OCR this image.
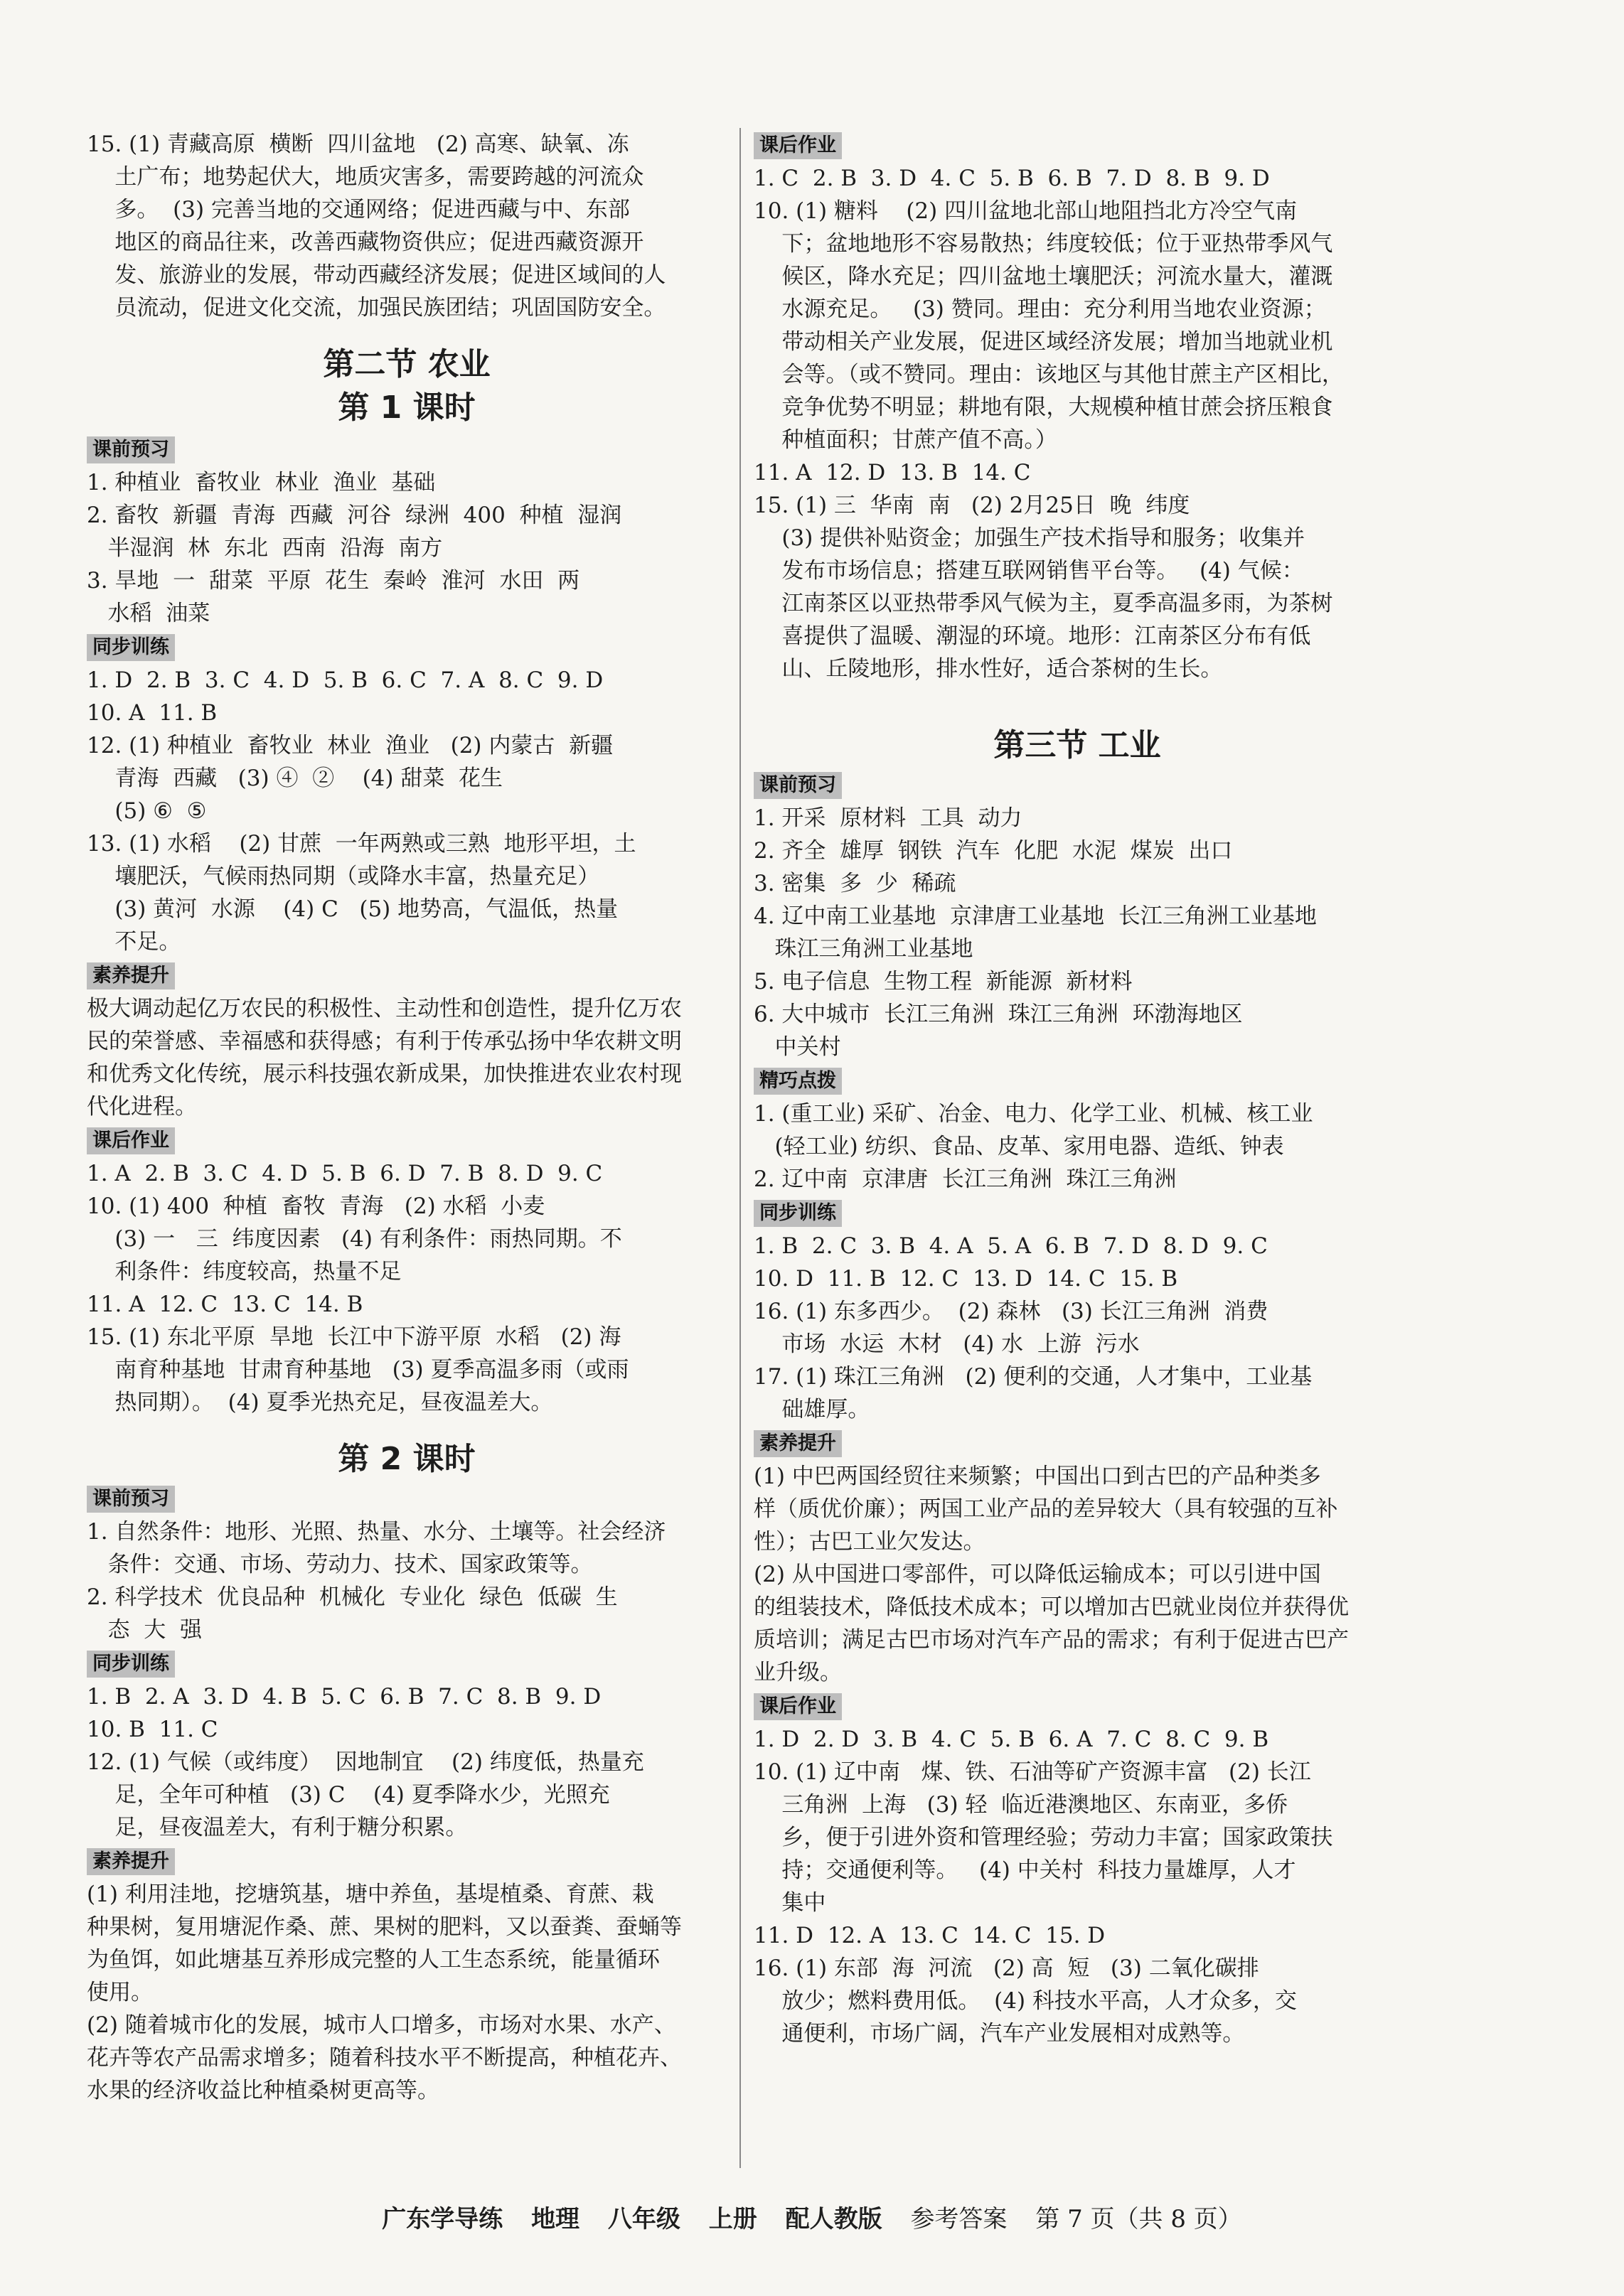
15. (1) 青藏高原  横断  四川盆地   (2) 高寒、缺氧、冻

土广布；地势起伏大，地质灾害多，需要跨越的河流众

多。  (3) 完善当地的交通网络；促进西藏与中、东部

地区的商品往来，改善西藏物资供应；促进西藏资源开

发、旅游业的发展，带动西藏经济发展；促进区域间的人

员流动，促进文化交流，加强民族团结；巩固国防安全。

第二节 农业
第 1 课时
课前预习

1. 种植业  畜牧业  林业  渔业  基础

2. 畜牧  新疆  青海  西藏  河谷  绿洲  400  种植  湿润

半湿润  林  东北  西南  沿海  南方

3. 旱地  一  甜菜  平原  花生  秦岭  淮河  水田  两

水稻  油菜

同步训练

1. D  2. B  3. C  4. D  5. B  6. C  7. A  8. C  9. D

10. A  11. B

12. (1) 种植业  畜牧业  林业  渔业   (2) 内蒙古  新疆

青海  西藏   (3) ④  ②    (4) 甜菜  花生

(5) ⑥  ⑤

13. (1) 水稻    (2) 甘蔗  一年两熟或三熟  地形平坦，土

壤肥沃，气候雨热同期（或降水丰富，热量充足）

(3) 黄河  水源    (4) C   (5) 地势高，气温低，热量

不足。

素养提升

极大调动起亿万农民的积极性、主动性和创造性，提升亿万农

民的荣誉感、幸福感和获得感；有利于传承弘扬中华农耕文明

和优秀文化传统，展示科技强农新成果，加快推进农业农村现

代化进程。

课后作业

1. A  2. B  3. C  4. D  5. B  6. D  7. B  8. D  9. C

10. (1) 400  种植  畜牧  青海   (2) 水稻  小麦

(3) 一   三  纬度因素   (4) 有利条件：雨热同期。不

利条件：纬度较高，热量不足

11. A  12. C  13. C  14. B

15. (1) 东北平原  旱地  长江中下游平原  水稻   (2) 海

南育种基地  甘肃育种基地   (3) 夏季高温多雨（或雨

热同期）。  (4) 夏季光热充足，昼夜温差大。

第 2 课时
课前预习

1. 自然条件：地形、光照、热量、水分、土壤等。社会经济

条件：交通、市场、劳动力、技术、国家政策等。

2. 科学技术  优良品种  机械化  专业化  绿色  低碳  生

态  大  强

同步训练

1. B  2. A  3. D  4. B  5. C  6. B  7. C  8. B  9. D

10. B  11. C

12. (1) 气候（或纬度）  因地制宜    (2) 纬度低，热量充

足，全年可种植   (3) C    (4) 夏季降水少，光照充

足，昼夜温差大，有利于糖分积累。

素养提升

(1) 利用洼地，挖塘筑基，塘中养鱼，基堤植桑、育蔗、栽

种果树，复用塘泥作桑、蔗、果树的肥料，又以蚕粪、蚕蛹等

为鱼饵，如此塘基互养形成完整的人工生态系统，能量循环

使用。

(2) 随着城市化的发展，城市人口增多，市场对水果、水产、

花卉等农产品需求增多；随着科技水平不断提高，种植花卉、

水果的经济收益比种植桑树更高等。

课后作业

1. C  2. B  3. D  4. C  5. B  6. B  7. D  8. B  9. D

10. (1) 糖料    (2) 四川盆地北部山地阻挡北方冷空气南

下；盆地地形不容易散热；纬度较低；位于亚热带季风气

候区，降水充足；四川盆地土壤肥沃；河流水量大，灌溉

水源充足。   (3) 赞同。理由：充分利用当地农业资源；

带动相关产业发展，促进区域经济发展；增加当地就业机

会等。（或不赞同。理由：该地区与其他甘蔗主产区相比，

竞争优势不明显；耕地有限，大规模种植甘蔗会挤压粮食

种植面积；甘蔗产值不高。）

11. A  12. D  13. B  14. C

15. (1) 三  华南  南   (2) 2月25日  晚  纬度

(3) 提供补贴资金；加强生产技术指导和服务；收集并

发布市场信息；搭建互联网销售平台等。   (4) 气候：

江南茶区以亚热带季风气候为主，夏季高温多雨，为茶树

喜提供了温暖、潮湿的环境。地形：江南茶区分布有低

山、丘陵地形，排水性好，适合茶树的生长。

第三节 工业
课前预习

1. 开采  原材料  工具  动力

2. 齐全  雄厚  钢铁  汽车  化肥  水泥  煤炭  出口

3. 密集  多  少  稀疏

4. 辽中南工业基地  京津唐工业基地  长江三角洲工业基地

珠江三角洲工业基地

5. 电子信息  生物工程  新能源  新材料

6. 大中城市  长江三角洲  珠江三角洲  环渤海地区

中关村

精巧点拨

1. (重工业) 采矿、冶金、电力、化学工业、机械、核工业

(轻工业) 纺织、食品、皮革、家用电器、造纸、钟表

2. 辽中南  京津唐  长江三角洲  珠江三角洲

同步训练

1. B  2. C  3. B  4. A  5. A  6. B  7. D  8. D  9. C

10. D  11. B  12. C  13. D  14. C  15. B

16. (1) 东多西少。  (2) 森林   (3) 长江三角洲  消费

市场  水运  木材   (4) 水  上游  污水

17. (1) 珠江三角洲   (2) 便利的交通，人才集中，工业基

础雄厚。

素养提升

(1) 中巴两国经贸往来频繁；中国出口到古巴的产品种类多

样（质优价廉）；两国工业产品的差异较大（具有较强的互补

性）；古巴工业欠发达。

(2) 从中国进口零部件，可以降低运输成本；可以引进中国

的组装技术，降低技术成本；可以增加古巴就业岗位并获得优

质培训；满足古巴市场对汽车产品的需求；有利于促进古巴产

业升级。

课后作业

1. D  2. D  3. B  4. C  5. B  6. A  7. C  8. C  9. B

10. (1) 辽中南   煤、铁、石油等矿产资源丰富   (2) 长江

三角洲  上海   (3) 轻  临近港澳地区、东南亚，多侨

乡，便于引进外资和管理经验；劳动力丰富；国家政策扶

持；交通便利等。   (4) 中关村  科技力量雄厚，人才

集中

11. D  12. A  13. C  14. C  15. D

16. (1) 东部  海  河流   (2) 高  短   (3) 二氧化碳排

放少；燃料费用低。  (4) 科技水平高，人才众多，交

通便利，市场广阔，汽车产业发展相对成熟等。

广东学导练 地理 八年级 上册 配人教版 参考答案 第 7 页（共 8 页）
